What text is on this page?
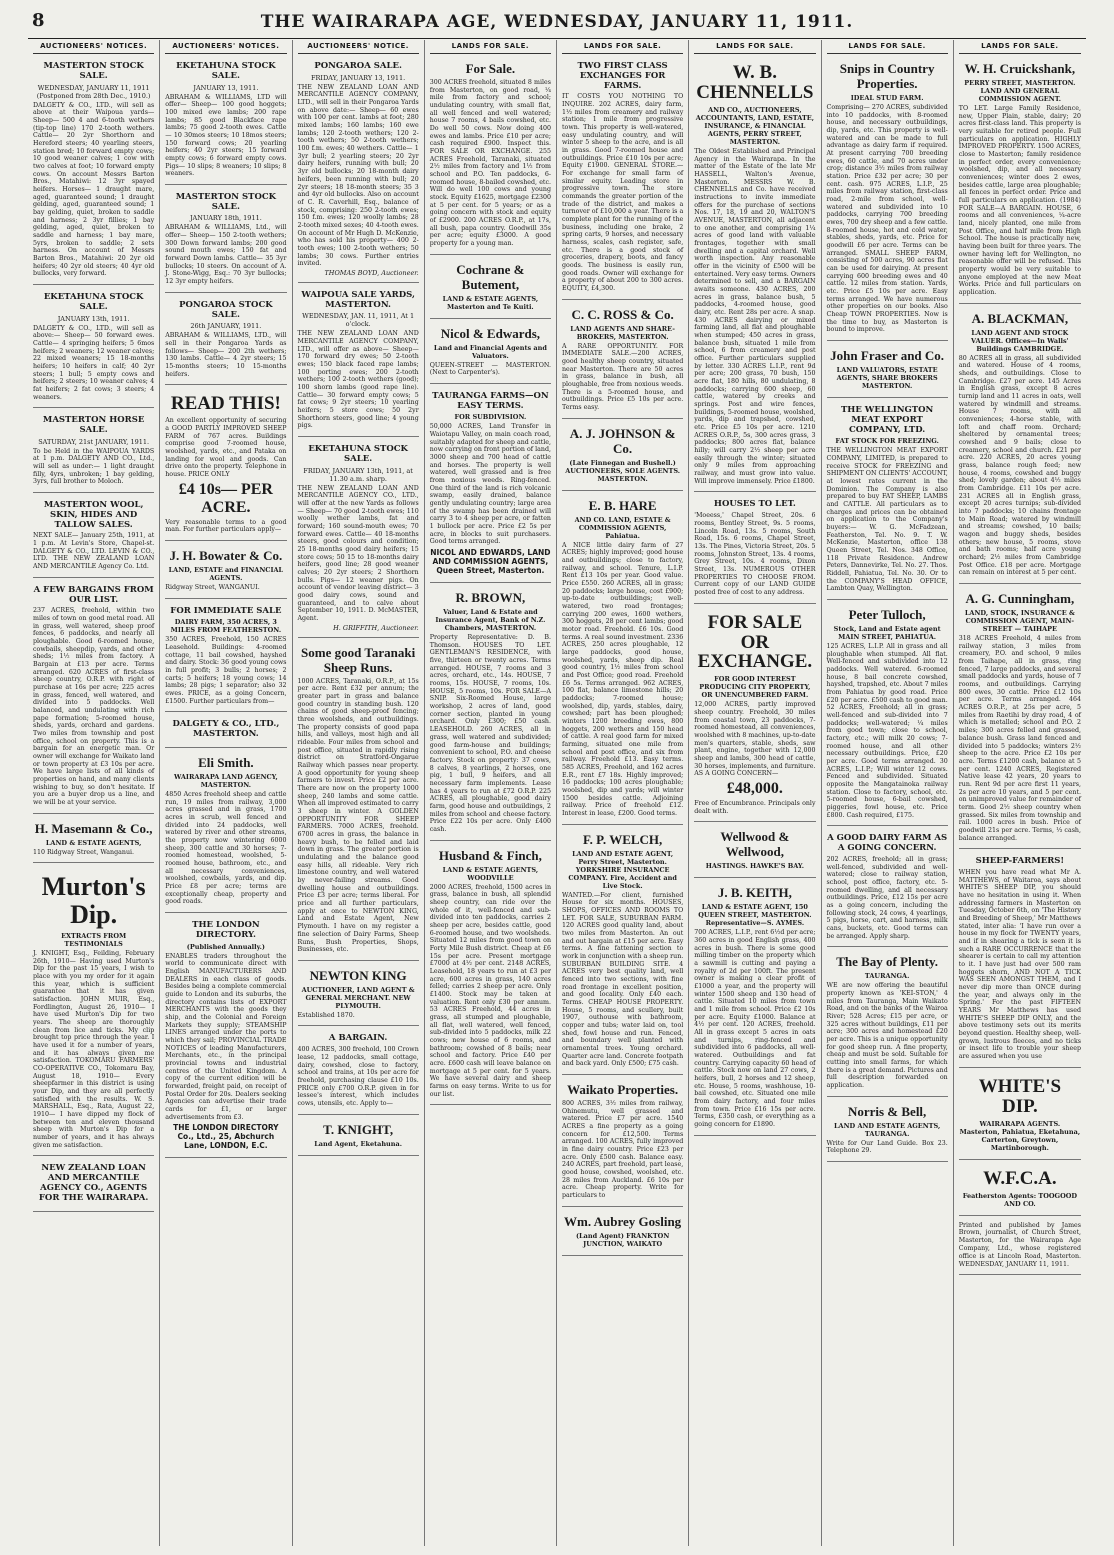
8	THE WAIRARAPA AGE, WEDNESDAY, JANUARY 11, 1911.
AUCTIONEERS' NOTICES.
MASTERTON STOCK SALE.
WEDNESDAY, JANUARY 11, 1911 (Postponed from 28th Dec., 1910.)
DALGETY & CO., LTD., will sell as above at their Waipoua yards— Sheep— 500 4 and 6-tooth wethers (tip-top line) 170 2-tooth wethers. Cattle— 20 2yr Shorthorn and Hereford steers; 40 yearling steers, station bred; 10 forward empty cows; 10 good weaner calves; 1 cow with two calves at foot; 10 forward empty cows. On account Messrs Barton Bros., Matahiwi: 12 3yr spayed heifers. Horses— 1 draught mare, aged, guaranteed sound; 1 draught gelding, aged, guaranteed sound; 1 bay gelding, quiet, broken to saddle and harness; 2 3yr fillies; 1 bay gelding, aged, quiet, broken to saddle and harness; 1 bay mare, 5yrs, broken to saddle; 2 sets harness. On account of Messrs Barton Bros., Matahiwi: 20 2yr old heifers; 40 2yr old steers; 40 4yr old bullocks, very forward.
EKETAHUNA STOCK SALE.
JANUARY 13th, 1911.
DALGETY & CO., LTD., will sell as above:— Sheep— 50 forward ewes. Cattle— 4 springing heifers; 5 6mos heifers; 2 weaners; 12 weaner calves; 22 mixed weaners; 15 18-months heifers; 10 heifers in calf; 40 2yr steers; 1 bull; 5 empty cows and heifers; 2 steers; 10 weaner calves; 4 fat heifers; 2 fat cows; 3 steers; 4 weaners.
MASTERTON HORSE SALE.
SATURDAY, 21st JANUARY, 1911.
To be Held in the WAIPOUA YARDS at 1 p.m. DALGETY AND CO., Ltd., will sell as under:— 1 light draught filly, 4yrs, unbroken; 1 bay gelding, 3yrs, full brother to Moloch.
MASTERTON WOOL, SKIN, HIDES AND TALLOW SALES.
NEXT SALE— January 25th, 1911, at 1 p.m. At Levin's Store, Chapel-st. DALGETY & CO., LTD. LEVIN & CO., LTD. THE NEW ZEALAND LOAN AND MERCANTILE Agency Co. Ltd.
A FEW BARGAINS FROM OUR LIST.
237 ACRES, freehold, within two miles of town on good metal road. All in grass, well watered, sheep proof fences, 6 paddocks, and nearly all ploughable. Good 6-roomed house, cowbails, sheepdip, yards, and other sheds; 1½ miles from factory. A Bargain at £13 per acre. Terms arranged. 620 ACRES of first-class sheep country, O.R.P. with right of purchase at 16s per acre; 225 acres in grass, fenced, well watered, and divided into 5 paddocks. Well balanced, and undulating with rich pape formation; 5-roomed house, sheds, yards, orchard and gardens. Two miles from township and post office, school on property. This is a bargain for an energetic man. Or owner will exchange for Waikato land or town property at £3 10s per acre. We have large lists of all kinds of properties on hand, and many clients wishing to buy, so don't hesitate. If you are a buyer drop us a line, and we will be at your service.
H. Masemann & Co.,
LAND & ESTATE AGENTS,
110 Ridgway Street, Wanganui.
Murton's Dip.
EXTRACTS FROM TESTIMONIALS
J. KNIGHT, Esq., Feilding, February 26th, 1910— Having used Murton's Dip for the past 15 years, I wish to place with you my order for it again this year, which is sufficient guarantee that it has given satisfaction. JOHN MUIR, Esq., Fordlington, August 26, 1910— I have used Murton's Dip for two years. The sheep are thoroughly clean from lice and ticks. My clip brought top price through the year. I have used it for a number of years, and it has always given me satisfaction. TOKOMARU FARMERS' CO-OPERATIVE CO., Tokomaru Bay, August 18, 1910— Every sheepfarmer in this district is using your Dip, and they are all perfectly satisfied with the results. W. S. MARSHALL, Esq., Rata, August 22, 1910— I have dipped my flock of between ten and eleven thousand sheep with Murton's Dip for a number of years, and it has always given me satisfaction.
NEW ZEALAND LOAN AND MERCANTILE AGENCY CO., AGENTS FOR THE WAIRARAPA.
AUCTIONEERS' NOTICES.
EKETAHUNA STOCK SALE.
JANUARY 13, 1911.
ABRAHAM & WILLIAMS, LTD will offer— Sheep— 100 good hoggets; 100 mixed ewe lambs; 200 rape lambs; 85 good Blackface rape lambs; 75 good 2-tooth ewes. Cattle— 10 30mos steers; 10 18mos steers; 150 forward cows; 20 yearling heifers; 40 2yr steers; 15 forward empty cows; 6 forward empty cows. Pigs— 10 slips; 8 weaners; 10 slips; 8 weaners.
MASTERTON STOCK SALE.
JANUARY 18th, 1911.
ABRAHAM & WILLIAMS, Ltd., will offer— Sheep— 150 2-tooth wethers; 300 Down forward lambs; 200 good sound mouth ewes; 150 fat and forward Down lambs. Cattle— 35 3yr bullocks; 10 steers. On account of A. J. Stone-Wigg, Esq.: 70 3yr bullocks; 12 3yr empty heifers.
PONGAROA STOCK SALE.
26th JANUARY, 1911.
ABRAHAM & WILLIAMS, LTD., will sell in their Pongaroa Yards as follows— Sheep— 200 2th wethers; 130 lambs. Cattle— 4 2yr steers; 15 15-months steers; 10 15-months heifers.
READ THIS!
An excellent opportunity of securing a GOOD PARTLY IMPROVED SHEEP FARM of 767 acres. Buildings comprise good 7-roomed house, woolshed, yards, etc., and Pataka on landing for wool and goods. Can drive onto the property. Telephone in house. PRICE ONLY
£4 10s— PER ACRE.
Very reasonable terms to a good man. For further particulars apply—
J. H. Bowater & Co.
LAND, ESTATE and FINANCIAL AGENTS.
Ridgway Street, WANGANUI.
FOR IMMEDIATE SALE
DAIRY FARM, 350 ACRES, 3 MILES FROM FEATHERSTON.
350 ACRES, Freehold, 150 ACRES Leasehold. Buildings: 4-roomed cottage, 11 bail cowshed, hayshed and dairy. Stock: 36 good young cows in full profit; 3 bulls; 2 horses; 2 carts; 5 heifers; 18 young cows; 14 lambs; 28 pigs; 1 separator; also 32 ewes. PRICE, as a going Concern, £1500. Further particulars from—
DALGETY & CO., LTD., MASTERTON.
Eli Smith.
WAIRARAPA LAND AGENCY, MASTERTON.
4850 Acres freehold sheep and cattle run, 19 miles from railway, 3,000 acres grassed and in grass, 1700 acres in scrub, well fenced and divided into 24 paddocks, well watered by river and other streams, the property now wintering 6000 sheep, 300 cattle and 30 horses; 7-roomed homestead, woolshed, 5-roomed house, bathroom, etc., and all necessary conveniences, woolshed, cowbails, yards, and dip. Price £8 per acre; terms are exceptionally cheap, property and good roads.
THE LONDON DIRECTORY.
(Published Annually.)
ENABLES traders throughout the world to communicate direct with English MANUFACTURERS AND DEALERS in each class of goods. Besides being a complete commercial guide to London and its suburbs, the directory contains lists of EXPORT MERCHANTS with the goods they ship, and the Colonial and Foreign Markets they supply; STEAMSHIP LINES arranged under the ports to which they sail; PROVINCIAL TRADE NOTICES of leading Manufacturers, Merchants, etc., in the principal provincial towns and industrial centres of the United Kingdom. A copy of the current edition will be forwarded, freight paid, on receipt of Postal Order for 20s. Dealers seeking Agencies can advertise their trade cards for £1, or larger advertisements from £3.
THE LONDON DIRECTORY Co., Ltd., 25, Abchurch Lane, LONDON, E.C.
AUCTIONEERS' NOTICE.
PONGAROA SALE.
FRIDAY, JANUARY 13, 1911.
THE NEW ZEALAND LOAN AND MERCANTILE AGENCY COMPANY, LTD., will sell in their Pongaroa Yards on above date:— Sheep— 60 ewes with 100 per cent. lambs at foot; 280 mixed lambs; 160 lambs; 160 ewe lambs; 120 2-tooth wethers; 120 2-tooth wethers; 50 2-tooth wethers; 100 f.m. ewes; 40 wethers. Cattle— 1 3yr bull; 2 yearling steers; 20 2yr dairy heifers, running with bull; 20 3yr old bullocks; 20 18-month dairy heifers, been running with bull; 20 2yr steers; 18 18-month steers; 35 3 and 4yr old bullocks. Also on account of C. R. Caverhill, Esq., balance of stock, comprising: 250 2-tooth ewes; 150 f.m. ewes; 120 woolly lambs; 28 2-tooth mixed sexes; 40 4-tooth ewes. On account of Mr Hugh D. McKenzie, who has sold his property— 400 2-tooth ewes; 100 2-tooth wethers; 50 lambs; 30 cows. Further entries invited.
THOMAS BOYD, Auctioneer.
WAIPOUA SALE YARDS, MASTERTON.
WEDNESDAY, JAN. 11, 1911, At 1 o'clock.
THE NEW ZEALAND LOAN AND MERCANTILE AGENCY COMPANY, LTD., will offer as above— Sheep— 170 forward dry ewes; 50 2-tooth ewes; 150 black faced rape lambs; 100 porting ewes; 200 2-tooth wethers; 100 2-tooth wethers (good); 100 shorn lambs (good rape line). Cattle— 30 forward empty cows; 5 fat cows; 9 2yr steers; 10 yearling heifers; 5 store cows; 50 2yr Shorthorn steers, good line; 4 young pigs.
EKETAHUNA STOCK SALE.
FRIDAY, JANUARY 13th, 1911, at 11.30 a.m. sharp.
THE NEW ZEALAND LOAN AND MERCANTILE AGENCY CO., LTD., will offer at the new Yards as follows— Sheep— 70 good 2-tooth ewes; 110 woolly wether lambs, fat and forward; 160 sound-mouth ewes; 70 forward ewes. Cattle— 40 18-months steers, good colours and condition; 25 18-months good dairy heifers; 15 store cows; 50 15 to 18-months dairy heifers, good line; 28 good weaner calves; 20 2yr steers; 2 Shorthorn bulls. Pigs— 12 weaner pigs. On account of vendor leaving district— 3 good dairy cows, sound and guaranteed, and to calve about September 10, 1911. D. McMASTER, Agent.
H. GRIFFITH, Auctioneer.
Some good Taranaki Sheep Runs.
1000 ACRES, Taranaki, O.R.P., at 15s per acre. Rent £32 per annum; the greater part in grass and balance good country in standing bush. 120 chains of good sheep-proof fencing; three woolsheds, and outbuildings. The property consists of good papa hills, and valleys, most high and all rideable. Four miles from school and post office, situated in rapidly rising district on Stratford-Ongarue Railway which passes near property. A good opportunity for young sheep farmers to invest. Price £2 per acre. There are now on the property 1000 sheep, 240 lambs and some cattle. When all improved estimated to carry 3 sheep in winter. A GOLDEN OPPORTUNITY FOR SHEEP FARMERS. 7000 ACRES, freehold. 6700 acres in grass, the balance in heavy bush, to be felled and laid down in grass. The greater portion is undulating and the balance good easy hills, all rideable. Very rich limestone country, and well watered by never-failing streams. Good dwelling house and outbuildings. Price £3 per acre; terms liberal. For price and all further particulars, apply at once to NEWTON KING, Land and Estate Agent, New Plymouth. I have on my register a fine selection of Dairy Farms, Sheep Runs, Bush Properties, Shops, Businesses, etc.
NEWTON KING
AUCTIONEER, LAND AGENT & GENERAL MERCHANT. NEW PLYMOUTH.
Established 1870.
A BARGAIN.
400 ACRES, 300 freehold, 100 Crown lease, 12 paddocks, small cottage, dairy, cowshed, close to factory, school and trains, at 10s per acre for freehold, purchasing clause £10 10s. PRICE only £700 O.R.P. given in for lessee's interest, which includes cows, utensils, etc. Apply to—
T. KNIGHT,
Land Agent, Eketahuna.
LANDS FOR SALE.
For Sale.
300 ACRES freehold, situated 8 miles from Masterton, on good road, ¼ mile from factory and school; undulating country, with small flat, all well fenced and well watered; house 7 rooms, 4 bails cowshed, etc. Do well 50 cows. Now doing 400 ewes and lambs. Price £10 per acre; cash required £900. Inspect this. FOR SALE OR EXCHANGE. 255 ACRES Freehold, Taranaki, situated 2½ miles from factory and 1½ from school and P.O. Ten paddocks, 6-roomed house, 8-bailed cowshed, etc. Will do well 100 cows and young stock. Equity £1625, mortgage £2300 at 5 per cent. for 5 years; or as a going concern with stock and equity of £2900. 200 ACRES O.R.P., at 17s, all bush, papa country. Goodwill 35s per acre; equity £3000. A good property for a young man.
Cochrane & Butement,
LAND & ESTATE AGENTS, Masterton and Te Kuiti.
Nicol & Edwards,
Land and Financial Agents and Valuators.
QUEEN-STREET — MASTERTON. (Next to Carpenter's).
TAURANGA FARMS—ON EASY TERMS.
FOR SUBDIVISION.
50,000 ACRES, Land Transfer in Waiotapu Valley, on main coach road, suitably adapted for sheep and cattle, now carrying on front portion of land, 3000 sheep and 700 head of cattle and horses. The property is well watered, well grassed and is free from noxious weeds. Ring-fenced. One third of the land is rich volcanic swamp, easily drained, balance gently undulating country; large area of the swamp has been drained will carry 3 to 4 sheep per acre, or fatten 1 bullock per acre. Price £2 5s per acre, in blocks to suit purchasers. Good terms arranged.
NICOL AND EDWARDS, LAND AND COMMISSION AGENTS, Queen Street, Masterton.
R. BROWN,
Valuer, Land & Estate and Insurance Agent, Bank of N.Z. Chambers, MASTERTON.
Property Representative: D. B. Thomson. HOUSES TO LET. GENTLEMAN'S RESIDENCE, with five, thirteen or twenty acres. Terms arranged. HOUSE, 7 rooms and 3 acres, orchard, etc., 14s. HOUSE, 7 rooms, 15s. HOUSE, 7 rooms, 10s. HOUSE, 5 rooms, 10s. FOR SALE—A SNIP. Six-Roomed House, large workshop, 2 acres of land, good corner section, planted in young orchard. Only £300; £50 cash. LEASEHOLD. 260 ACRES, all in grass, well watered and subdivided; good farm-house and buildings; convenient to school, P.O. and cheese factory. Stock on property: 37 cows, 8 calves, 8 yearlings, 2 horses, one pig, 1 bull, 9 heifers, and all necessary farm implements. Lease has 4 years to run at £72 O.R.P. 225 ACRES, all ploughable, good dairy farm, good house and outbuildings, 2 miles from school and cheese factory. Price £22 10s per acre. Only £400 cash.
Husband & Finch,
LAND & ESTATE AGENTS, WOODVILLE
2000 ACRES, freehold, 1500 acres in grass, balance in bush, all splendid sheep country, can ride over the whole of it, well-fenced and sub-divided into ten paddocks, carries 2 sheep per acre, besides cattle, good 6-roomed house, and two woolsheds. Situated 12 miles from good town on Forty Mile Bush district. Cheap at £6 15s per acre. Present mortgage £7000 at 4½ per cent. 2148 ACRES, Leasehold, 18 years to run at £3 per acre, 600 acres in grass, 140 acres felled; carries 2 sheep per acre. Only £1400. Stock may be taken at valuation. Rent only £30 per annum. 53 ACRES Freehold, 44 acres in grass, all stumped and ploughable, all flat, well watered, well fenced, sub-divided into 5 paddocks, milk 22 cows; new house of 6 rooms, and bathroom; cowshed of 8 bails; near school and factory. Price £40 per acre. £600 cash will leave balance on mortgage at 5 per cent. for 5 years. We have several dairy and sheep farms on easy terms. Write to us for our list.
LANDS FOR SALE.
TWO FIRST CLASS EXCHANGES FOR FARMS.
IT COSTS YOU NOTHING TO INQUIRE. 202 ACRES, dairy farm, 1½ miles from creamery and railway station; 1 mile from progressive town. This property is well-watered, easy undulating country, and will winter 5 sheep to the acre, and is all in grass. Good 7-roomed house and outbuildings. Price £10 10s per acre; Equity £1900. GENERAL STORE.—For exchange for small farm of similar equity. Leading store in progressive town. The store commands the greater portion of the trade of the district, and makes a turnover of £10,000 a year. There is a complete plant for the running of the business, including one brake, 2 spring carts, 9 horses, and necessary harness, scales, cash register, safe, etc. There is a good stock of groceries, drapery, boots, and fancy goods. The business is easily run, good roads. Owner will exchange for a property of about 200 to 300 acres. EQUITY, £4,300.
C. C. ROSS & Co.
LAND AGENTS AND SHARE-BROKERS, MASTERTON.
A RARE OPPORTUNITY. FOR IMMEDIATE SALE.—200 ACRES, good healthy sheep country, situated near Masterton. There are 50 acres in grass, balance in bush, all ploughable, free from noxious weeds. There is a 5-roomed house, and outbuildings. Price £5 10s per acre. Terms easy.
A. J. JOHNSON & Co.
(Late Finnegan and Bushell.) AUCTIONEERS, SOLE AGENTS. MASTERTON.
E. B. HARE
AND CO. LAND, ESTATE & COMMISSION AGENTS, Pahiatua.
A NICE little dairy farm of 27 ACRES; highly improved; good house and outbuildings; close to factory, railway, and school. Tenure, L.I.P. Rent £13 10s per year. Good value. Price £550. 260 ACRES, all in grass; 20 paddocks; large house, cost £900; up-to-date outbuildings; well-watered, two road frontages; carrying 200 ewes, 1600 wethers, 300 hoggets, 28 per cent lambs; good motor road. Freehold. £6 10s. Good terms. A real sound investment. 2336 ACRES, 250 acres ploughable, 12 large paddocks, good house, woolshed, yards, sheep dip. Real good country, 1½ miles from school and Post Office; good road. Freehold £6 5s. Terms arranged. 962 ACRES, 100 flat, balance limestone hills; 20 paddocks; 7-roomed house; woolshed, dip, yards, stables, dairy, cowshed; part has been ploughed; winters 1200 breeding ewes, 800 hoggets, 200 wethers and 150 head of cattle. A real good farm for mixed farming, situated one mile from school and post office, and six from railway. Freehold £13. Easy terms. 585 ACRES, Freehold, and 162 acres E.R., rent £7 18s. Highly improved; 16 paddocks; 100 acres ploughable; woolshed, dip and yards; will winter 1500 besides cattle. Adjoining railway. Price of freehold £12. Interest in lease, £200. Good terms.
F. P. WELCH,
LAND AND ESTATE AGENT, Perry Street, Masterton. YORKSHIRE INSURANCE COMPANY. Fire, Accident and Live Stock.
WANTED.—For client, furnished House for six months. HOUSES, SHOPS, OFFICES AND ROOMS TO LET. FOR SALE, SUBURBAN FARM. 120 ACRES good quality land, about two miles from Masterton. An out and out bargain at £15 per acre. Easy terms. A fine fattening section to work in conjunction with a sheep run. SUBURBAN BUILDING SITE. 4 ACRES very best quality land, well fenced into two sections, with fine road frontage in excellent position, and good locality. Only £40 each. Terms. CHEAP HOUSE PROPERTY. House, 5 rooms, and scullery, built 1907, outhouse with bathroom, copper and tubs; water laid on, tool shed, fowl house and run. Fenced, and boundary well planted with ornamental trees. Young orchard. Quarter acre land. Concrete footpath and back yard. Only £500; £75 cash.
Waikato Properties.
800 ACRES, 3½ miles from railway, Ohinemutu, well grassed and watered. Price £7 per acre. 1540 ACRES a fine property as a going concern for £12,500. Terms arranged. 100 ACRES, fully improved in fine dairy country. Price £23 per acre. Only £500 cash. Balance easy. 240 ACRES, part freehold, part lease, good house, cowshed, woolshed, etc. 28 miles from Auckland. £6 10s per acre. Cheap property. Write for particulars to
Wm. Aubrey Gosling
(Land Agent) FRANKTON JUNCTION, WAIKATO
LANDS FOR SALE.
W. B. CHENNELLS
AND CO., AUCTIONEERS, ACCOUNTANTS, LAND, ESTATE, INSURANCE, & FINANCIAL AGENTS, PERRY STREET, MASTERTON.
The Oldest Established and Principal Agency in the Wairarapa. In the matter of the Estate of the late Mr HASSELL, Walton's Avenue, Masterton. MESSRS W. B. CHENNELLS and Co. have received instructions to invite immediate offers for the purchase of sections Nos. 17, 18, 19 and 20, WALTON'S AVENUE, MASTERTON, all adjacent to one another, and comprising 1¼ acres of good land with valuable frontages, together with small dwelling and a capital orchard. Well worth inspection. Any reasonable offer in the vicinity of £500 will be entertained. Very easy terms. Owners determined to sell, and a BARGAIN awaits someone. 430 ACRES, 200 acres in grass, balance bush, 5 paddocks, 4-roomed house, good dairy, etc. Rent 28s per acre. A snap. 430 ACRES dairying or mixed farming land, all flat and ploughable when stumped; 450 acres in grass, balance bush, situated 1 mile from school, 6 from creamery and post office. Further particulars supplied by letter. 330 ACRES L.I.P., rent 9d per acre; 200 grass, 70 bush, 150 acre flat, 180 hills, 80 undulating, 8 paddocks; carrying 600 sheep, 60 cattle, watered by creeks and springs. Post and wire fences, buildings, 5-roomed house, woolshed, yards, dip and trapshed, cowshed, etc. Price £5 10s per acre. 1210 ACRES O.R.P., 5s, 300 acres grass, 3 paddocks; 800 acres flat, balance hilly; will carry 2½ sheep per acre easily through the winter; situated only 9 miles from approaching railway, and must grow into value. Will improve immensely. Price £1800.
HOUSES TO LET.
'Moeess,' Chapel Street, 20s. 6 rooms, Bentley Street, 9s. 5 rooms, Lincoln Road, 13s. 5 rooms, South Road, 15s. 6 rooms, Chapel Street, 13s. The Pines, Victoria Street, 20s. 5 rooms, Johnston Street, 13s. 4 rooms, Grey Street, 10s. 4 rooms, Dixon Street, 13s. NUMEROUS OTHER PROPERTIES TO CHOOSE FROM. Current copy of our LAND GUIDE posted free of cost to any address.
FOR SALE OR EXCHANGE.
FOR GOOD INTEREST PRODUCING CITY PROPERTY, OR UNENCUMBERED FARM.
12,000 ACRES, partly improved sheep country. Freehold, 30 miles from coastal town, 23 paddocks, 7-roomed homestead, all conveniences, woolshed with 8 machines, up-to-date men's quarters, stable, sheds, saw plant, engine, together with 12,000 sheep and lambs, 300 head of cattle, 30 horses, implements, and furniture. AS A GOING CONCERN—
£48,000.
Free of Encumbrance. Principals only dealt with.
Wellwood & Wellwood,
HASTINGS. HAWKE'S BAY.
J. B. KEITH,
LAND & ESTATE AGENT, 150 QUEEN STREET, MASTERTON. Representative—S. AYMES.
700 ACRES, L.I.P., rent 6½d per acre; 360 acres in good English grass, 400 acres in bush. There is some good milling timber on the property which a sawmill is cutting and paying a royalty of 2d per 100ft. The present owner is making a clear profit of £1000 a year, and the property will winter 1500 sheep and 130 head of cattle. Situated 10 miles from town and 1 mile from school. Price £2 10s per acre. Equity £1000. Balance at 4½ per cent. 120 ACRES, freehold. All in grass except 5 acres in oats and turnips, ring-fenced and subdivided into 6 paddocks, all well-watered. Outbuildings and fat country. Carrying capacity 60 head of cattle. Stock now on land 27 cows, 2 heifers, bull, 2 horses and 12 sheep, etc. House, 5 rooms, washhouse, 10-bail cowshed, etc. Situated one mile from dairy factory, and four miles from town. Price £16 15s per acre. Terms, £350 cash, or everything as a going concern for £1890.
LANDS FOR SALE.
Snips in Country Properties.
IDEAL STUD FARM.
Comprising— 270 ACRES, subdivided into 10 paddocks, with 8-roomed house, and necessary outbuildings, dip, yards, etc. This property is well-watered and can be made to full advantage as dairy farm if required. At present carrying 700 breeding ewes, 60 cattle, and 70 acres under crop; distance 3½ miles from railway station. Price £32 per acre; 30 per cent. cash. 975 ACRES, L.I.P., 25 miles from railway station, first-class road, 2-mile from school, well-watered and subdivided into 10 paddocks, carrying 700 breeding ewes, 700 dry sheep and a few cattle. 8-roomed house, hot and cold water, stables, sheds, yards, etc. Price for goodwill £6 per acre. Terms can be arranged. SMALL SHEEP FARM, consisting of 500 acres, 90 acres flat can be used for dairying. At present carrying 600 breeding ewes and 40 cattle. 12 miles from station. Yards, etc. Price £5 10s per acre. Easy terms arranged. We have numerous other properties on our books. Also Cheap TOWN PROPERTIES. Now is the time to buy, as Masterton is bound to improve.
John Fraser and Co.
LAND VALUATORS, ESTATE AGENTS, SHARE BROKERS MASTERTON.
THE WELLINGTON MEAT EXPORT COMPANY, LTD.
FAT STOCK FOR FREEZING.
THE WELLINGTON MEAT EXPORT COMPANY, LIMITED, is prepared to receive STOCK for FREEZING and SHIPMENT ON CLIENTS' ACCOUNT, at lowest rates current in the Dominion. The Company is also prepared to buy FAT SHEEP, LAMBS and CATTLE. All particulars as to charges and prices can be obtained on application to the Company's buyers:— W. G. McFadzean, Featherston, Tel. No. 9. T. W. McKenzie, Masterton, office 138 Queen Street, Tel. Nos. 348 Office, 118 Private Residence. Andrew Peters, Dannevirke, Tel. No. 27. Thos. Riddell, Pahiatua, Tel. No. 30. Or to the COMPANY'S HEAD OFFICE, Lambton Quay, Wellington.
Peter Tulloch,
Stock, Land and Estate agent MAIN STREET, PAHIATUA.
125 ACRES, L.I.P. All in grass and all ploughable when stumped. All flat. Well-fenced and subdivided into 12 paddocks. Well watered. 6-roomed house, 8 bail concrete cowshed, hayshed, trapshed, etc. About 7 miles from Pahiatua by good road. Price £20 per acre. £500 cash to good man. 52 ACRES, Freehold; all in grass; well-fenced and sub-divided into 7 paddocks; well-watered; ¼ miles from good town; close to school, factory, etc.; will milk 20 cows; 7-roomed house, and all other necessary outbuildings. Price, £20 per acre. Good terms arranged. 30 ACRES, L.I.P.; Will winter 12 cows. Fenced and subdivided. Situated opposite the Mangatainoka railway station. Close to factory, school, etc. 5-roomed house, 6-bail cowshed, piggeries, fowl house, etc. Price £800. Cash required, £175.
A GOOD DAIRY FARM AS A GOING CONCERN.
202 ACRES, freehold; all in grass; well-fenced, subdivided and well-watered; close to railway station, school, post office, factory, etc. 5-roomed dwelling, and all necessary outbuildings. Price, £12 15s per acre as a going concern, including the following stock, 24 cows, 4 yearlings, 5 pigs, horse, cart, and harness, milk cans, buckets, etc. Good terms can be arranged. Apply sharp.
The Bay of Plenty.
TAURANGA.
WE are now offering the beautiful property known as 'KEI-STON,' 4 miles from Tauranga, Main Waikato Road, and on the banks of the Wairoa River; 528 Acres; £15 per acre, or 325 acres without buildings, £11 per acre; 300 acres and homestead £20 per acre. This is a unique opportunity for good sheep run. A fine property, cheap and must be sold. Suitable for cutting into small farms, for which there is a great demand. Pictures and full description forwarded on application.
Norris & Bell,
LAND AND ESTATE AGENTS, TAURANGA.
Write for Our Land Guide. Box 23. Telephone 29.
LANDS FOR SALE.
W. H. Cruickshank,
PERRY STREET, MASTERTON. LAND AND GENERAL COMMISSION AGENT.
TO LET. Large Family Residence, new, Upper Plain, stable, dairy; 20 acres first-class land. This property is very suitable for retired people. Full particulars on application. HIGHLY IMPROVED PROPERTY. 1500 ACRES, close to Masterton; family residence in perfect order, every convenience; woolshed, dip, and all necessary conveniences; winter does 2 ewes, besides cattle, large area ploughable; all fences in perfect order. Price and full particulars on application. (1984) FOR SALE—A BARGAIN. HOUSE, 6 rooms and all conveniences, ¼-acre land, nicely planted, one mile from Post Office, and half mile from High School. The house is practically new, having been built for three years. The owner having left for Wellington, no reasonable offer will be refused. This property would be very suitable to anyone employed at the new Meat Works. Price and full particulars on application.
A. BLACKMAN,
LAND AGENT AND STOCK VALUER. Offices—In Walls' Buildings CAMBRIDGE.
80 ACRES all in grass, all subdivided and watered. House of 4 rooms, sheds, and outbuildings. Close to Cambridge. £27 per acre. 145 Acres in English grass, except 8 acres turnip land and 11 acres in oats, well watered by windmill and streams. House 7 rooms, with all conveniences; 4-horse stable, with loft and chaff room. Orchard; sheltered by ornamental trees; cowshed and 9 bails; close to creamery, school and church. £21 per acre. 220 ACRES, 20 acres young grass, balance rough feed; new house, 4 rooms, cowshed and buggy shed; lovely garden; about 4½ miles from Cambridge. £11 10s per acre. 231 ACRES all in English grass, except 20 acres turnips; sub-divided into 7 paddocks; 10 chains frontage to Main Road; watered by windmill and streams; cowshed, 10 bails; wagon and buggy sheds, besides others; new house, 5 rooms, stove and bath rooms; half acre young orchard; 2½ miles from Cambridge Post Office. £18 per acre. Mortgage can remain on interest at 5 per cent.
A. G. Cunningham,
LAND, STOCK, INSURANCE & COMMISSION AGENT, MAIN-STREET — TAIHAPE
318 ACRES Freehold, 4 miles from railway station, 3 miles from creamery, P.O. and school, 9 miles from Taihape, all in grass, ring fenced, 7 large paddocks, and several small paddocks and yards, house of 7 rooms, and outbuildings. Carrying 800 ewes, 30 cattle. Price £12 10s per acre. Terms arranged. 464 ACRES O.R.P., at 25s per acre, 5 miles from Raetihi by dray road, 4 of which is metalled; school and P.O. 2 miles; 300 acres felled and grassed, balance bush. Grass land fenced and divided into 5 paddocks; winters 2½ sheep to the acre. Price £2 10s per acre. Terms £1200 cash, balance at 5 per cent. 1240 ACRES, Registered Native lease 42 years, 20 years to run. Rent 9d per acre first 11 years, 2s per acre 10 years, and 5 per cent. on unimproved value for remainder of term. Good 2½ sheep country when grassed. Six miles from township and rail. 1000 acres in bush. Price of goodwill 21s per acre. Terms, ⅓ cash, balance arranged.
SHEEP-FARMERS!
WHEN you have read what Mr A. MATTHEWS, of Waitaroa, says about WHITE'S SHEEP DIP, you should have no hesitation in using it. When addressing farmers in Masterton on Tuesday, October 6th, on 'The History and Breeding of Sheep,' Mr Matthews stated, inter alia: 'I have run over a house in my flock for TWENTY years, and if in shearing a tick is seen it is such a RARE OCCURRENCE that the shearer is certain to call my attention to it. I have just had over 500 ram hoggets shorn, AND NOT A TICK WAS SEEN AMONGST THEM, and I never dip more than ONCE during the year, and always only in the Spring.' For the past FIFTEEN YEARS Mr Matthews has used WHITE'S SHEEP DIP ONLY, and the above testimony sets out its merits beyond question. Healthy sheep, well-grown, lustrous fleeces, and no ticks or insect life to trouble your sheep are assured when you use
WHITE'S DIP.
WAIRARAPA AGENTS. Masterton, Pahiatua, Eketahuna, Carterton, Greytown, Martinborough.
W.F.C.A.
Featherston Agents: TOOGOOD AND CO.
Printed and published by James Brown, journalist, of Church Street, Masterton, for the Wairarapa Age Company, Ltd., whose registered office is at Lincoln Road, Masterton. WEDNESDAY, JANUARY 11, 1911.
